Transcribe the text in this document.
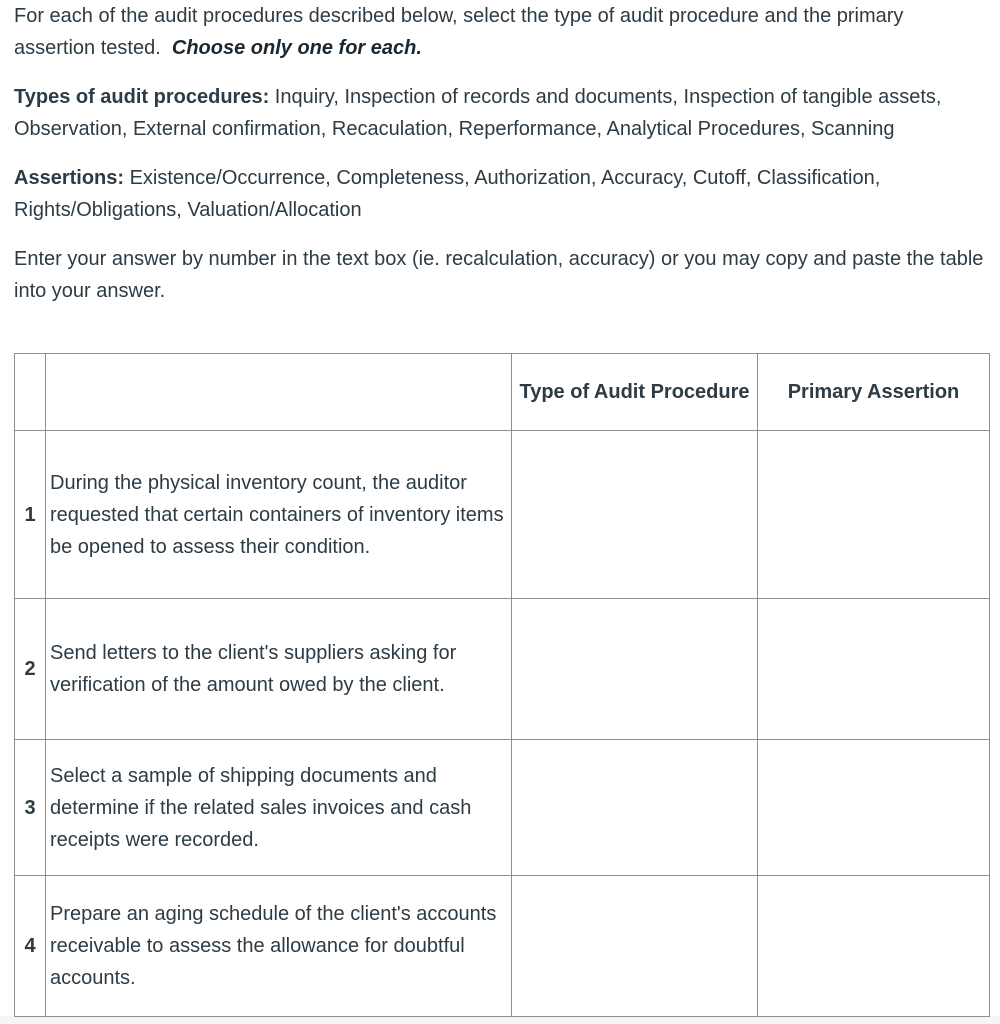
For each of the audit procedures described below, select the type of audit procedure and the primary assertion tested. Choose only one for each.

Types of audit procedures: Inquiry, Inspection of records and documents, Inspection of tangible assets, Observation, External confirmation, Recaculation, Reperformance, Analytical Procedures, Scanning

Assertions: Existence/Occurrence, Completeness, Authorization, Accuracy, Cutoff, Classification, Rights/Obligations, Valuation/Allocation

Enter your answer by number in the text box (ie. recalculation, accuracy) or you may copy and paste the table into your answer.

		Type of Audit Procedure	Primary Assertion
1	During the physical inventory count, the auditor requested that certain containers of inventory items be opened to assess their condition.		
2	Send letters to the client's suppliers asking for verification of the amount owed by the client.		
3	Select a sample of shipping documents and determine if the related sales invoices and cash receipts were recorded.		
4	Prepare an aging schedule of the client's accounts receivable to assess the allowance for doubtful accounts.		
